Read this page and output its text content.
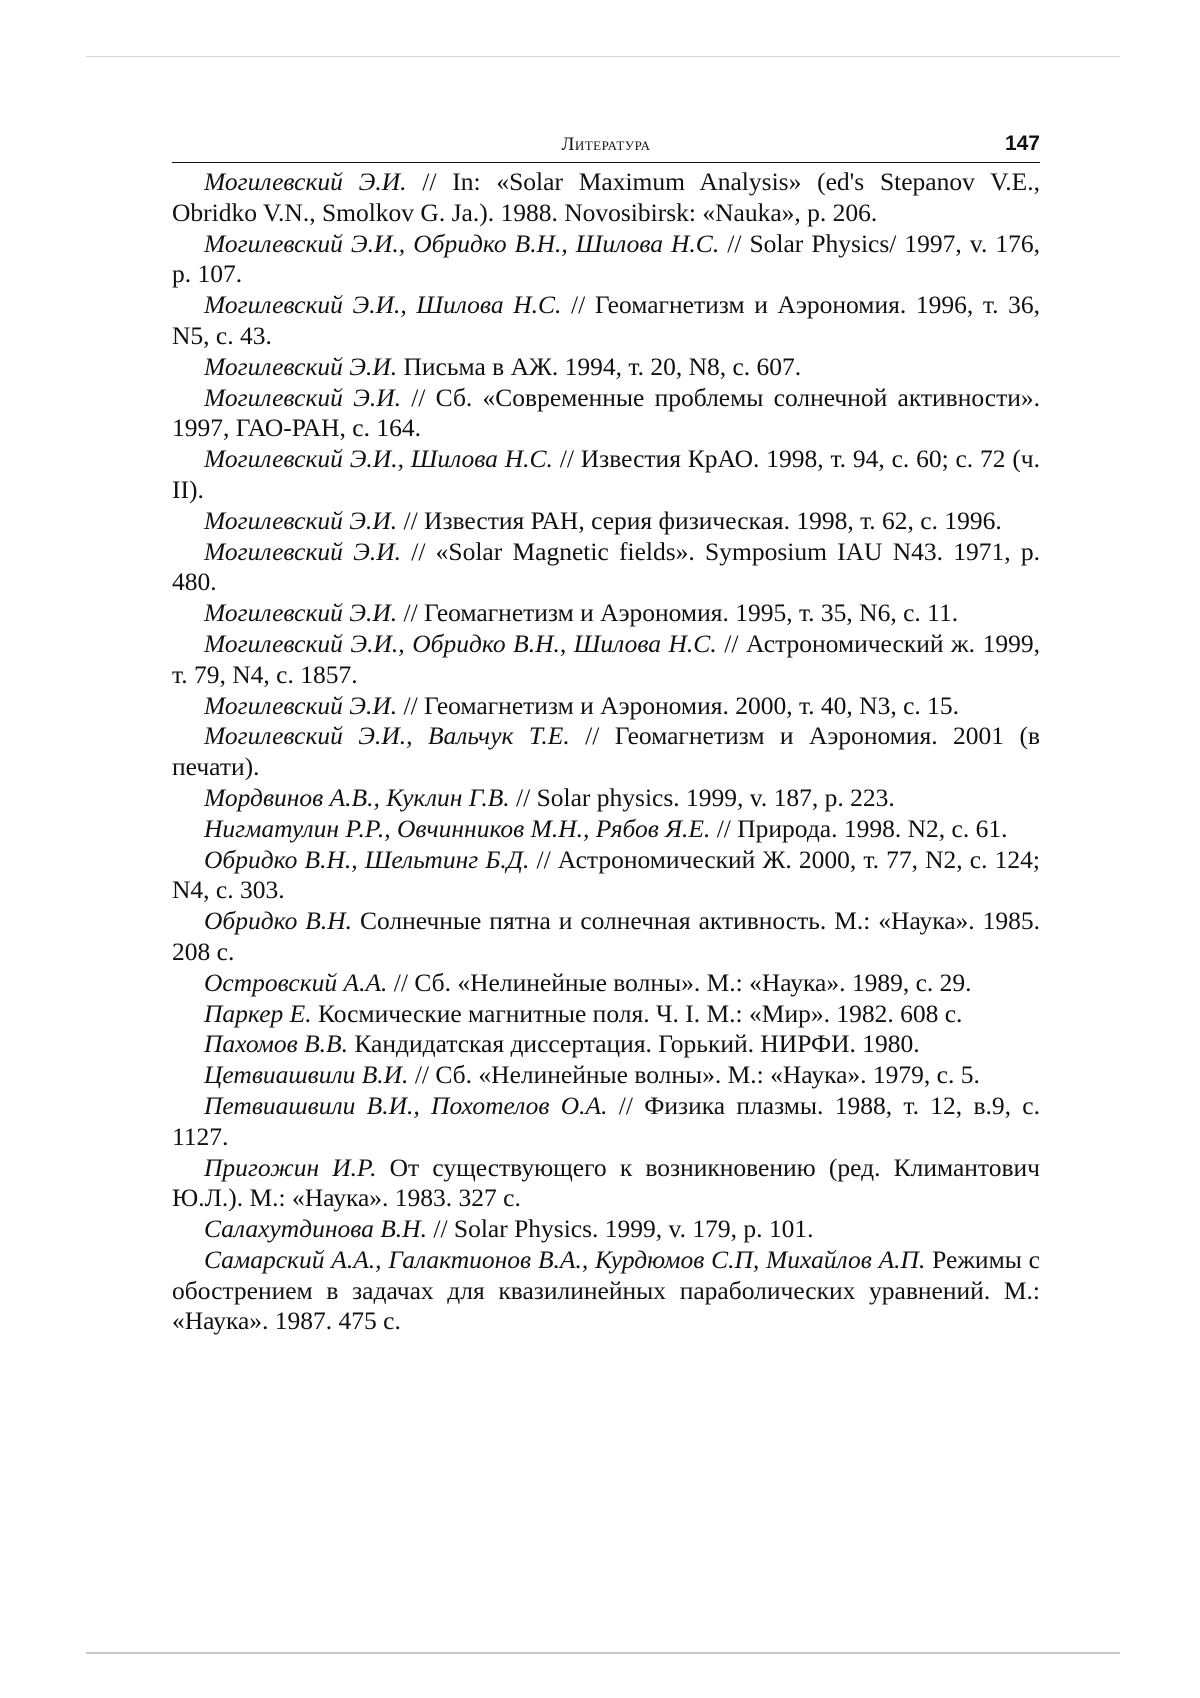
Литература	147
Могилевский Э.И. // In: «Solar Maximum Analysis» (ed's Stepanov V.E., Obridko V.N., Smolkov G. Ja.). 1988. Novosibirsk: «Nauka», p. 206.
Могилевский Э.И., Обридко В.Н., Шилова Н.С. // Solar Physics/ 1997, v. 176, p. 107.
Могилевский Э.И., Шилова Н.С. // Геомагнетизм и Аэрономия. 1996, т. 36, N5, с. 43.
Могилевский Э.И. Письма в АЖ. 1994, т. 20, N8, с. 607.
Могилевский Э.И. // Сб. «Современные проблемы солнечной активности». 1997, ГАО-РАН, с. 164.
Могилевский Э.И., Шилова Н.С. // Известия КрАО. 1998, т. 94, с. 60; с. 72 (ч. II).
Могилевский Э.И. // Известия РАН, серия физическая. 1998, т. 62, с. 1996.
Могилевский Э.И. // «Solar Magnetic fields». Symposium IAU N43. 1971, p. 480.
Могилевский Э.И. // Геомагнетизм и Аэрономия. 1995, т. 35, N6, с. 11.
Могилевский Э.И., Обридко В.Н., Шилова Н.С. // Астрономический ж. 1999, т. 79, N4, с. 1857.
Могилевский Э.И. // Геомагнетизм и Аэрономия. 2000, т. 40, N3, с. 15.
Могилевский Э.И., Вальчук Т.Е. // Геомагнетизм и Аэрономия. 2001 (в печати).
Мордвинов А.В., Куклин Г.В. // Solar physics. 1999, v. 187, p. 223.
Нигматулин Р.Р., Овчинников М.Н., Рябов Я.Е. // Природа. 1998. N2, с. 61.
Обридко В.Н., Шельтинг Б.Д. // Астрономический Ж. 2000, т. 77, N2, с. 124; N4, с. 303.
Обридко В.Н. Солнечные пятна и солнечная активность. М.: «Наука». 1985. 208 с.
Островский А.А. // Сб. «Нелинейные волны». М.: «Наука». 1989, с. 29.
Паркер Е. Космические магнитные поля. Ч. I. М.: «Мир». 1982. 608 с.
Пахомов В.В. Кандидатская диссертация. Горький. НИРФИ. 1980.
Цетвиашвили В.И. // Сб. «Нелинейные волны». М.: «Наука». 1979, с. 5.
Петвиашвили В.И., Похотелов О.А. // Физика плазмы. 1988, т. 12, в.9, с. 1127.
Пригожин И.Р. От существующего к возникновению (ред. Климантович Ю.Л.). М.: «Наука». 1983. 327 с.
Салахутдинова В.Н. // Solar Physics. 1999, v. 179, p. 101.
Самарский А.А., Галактионов В.А., Курдюмов С.П, Михайлов А.П. Режимы с обострением в задачах для квазилинейных параболических уравнений. М.: «Наука». 1987. 475 с.
